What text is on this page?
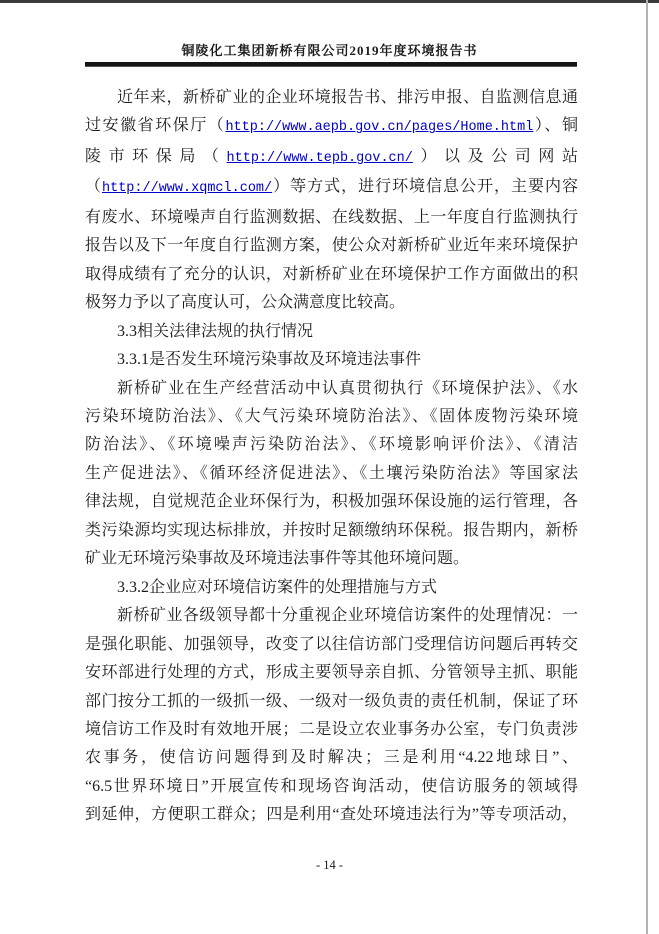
铜陵化工集团新桥有限公司2019年度环境报告书
近年来，新桥矿业的企业环境报告书、排污申报、自监测信息通
过安徽省环保厅（http://www.aepb.gov.cn/pages/Home.html）、铜
陵市环保局（http://www.tepb.gov.cn/）以及公司网站
（http://www.xqmcl.com/）等方式，进行环境信息公开，主要内容
有废水、环境噪声自行监测数据、在线数据、上一年度自行监测执行
报告以及下一年度自行监测方案，使公众对新桥矿业近年来环境保护
取得成绩有了充分的认识，对新桥矿业在环境保护工作方面做出的积
极努力予以了高度认可，公众满意度比较高。
3.3相关法律法规的执行情况
3.3.1是否发生环境污染事故及环境违法事件
新桥矿业在生产经营活动中认真贯彻执行《环境保护法》、《水
污染环境防治法》、《大气污染环境防治法》、《固体废物污染环境
防治法》、《环境噪声污染防治法》、《环境影响评价法》、《清洁
生产促进法》、《循环经济促进法》、《土壤污染防治法》等国家法
律法规，自觉规范企业环保行为，积极加强环保设施的运行管理，各
类污染源均实现达标排放，并按时足额缴纳环保税。报告期内，新桥
矿业无环境污染事故及环境违法事件等其他环境问题。
3.3.2企业应对环境信访案件的处理措施与方式
新桥矿业各级领导都十分重视企业环境信访案件的处理情况：一
是强化职能、加强领导，改变了以往信访部门受理信访问题后再转交
安环部进行处理的方式，形成主要领导亲自抓、分管领导主抓、职能
部门按分工抓的一级抓一级、一级对一级负责的责任机制，保证了环
境信访工作及时有效地开展；二是设立农业事务办公室，专门负责涉
农事务，使信访问题得到及时解决；三是利用“4.22地球日”、
“6.5世界环境日”开展宣传和现场咨询活动，使信访服务的领域得
到延伸，方便职工群众；四是利用“查处环境违法行为”等专项活动，
- 14 -
